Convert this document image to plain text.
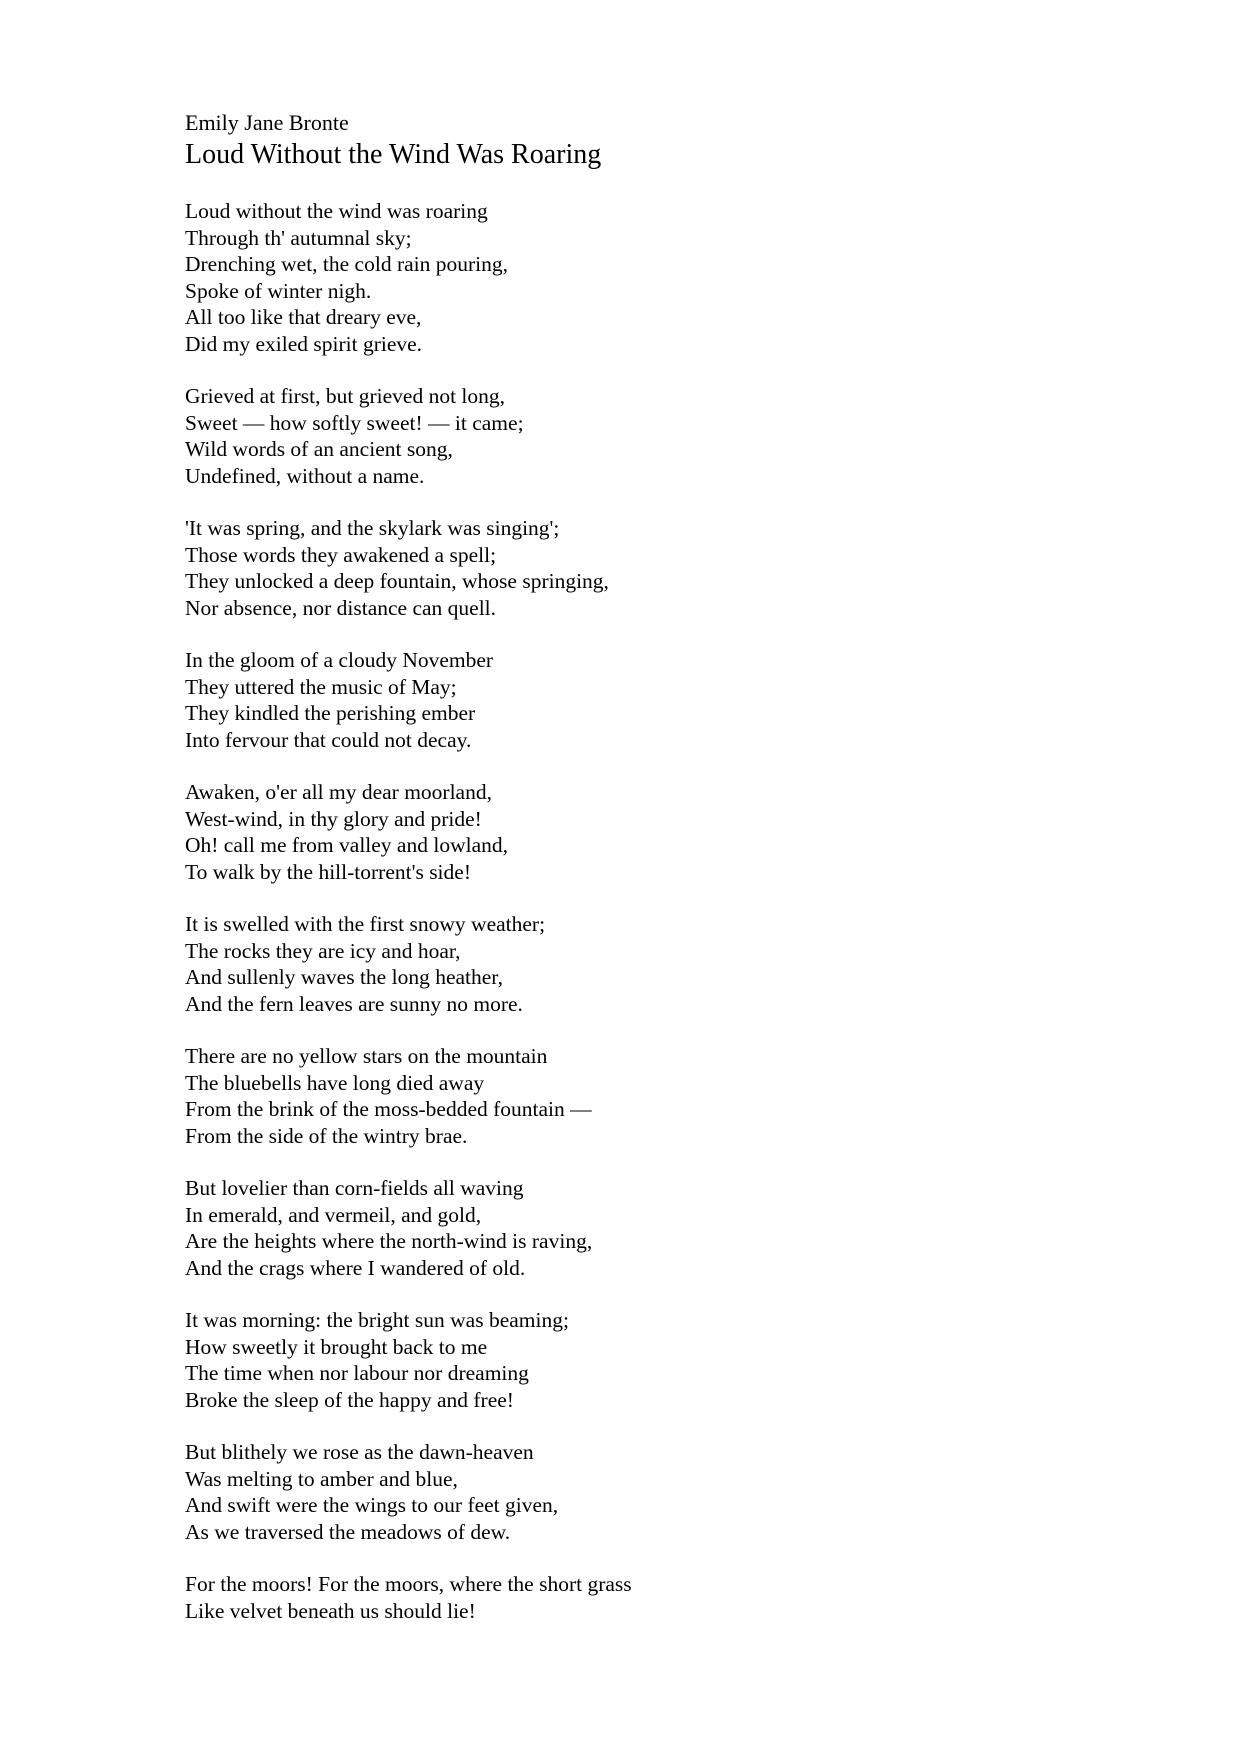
Emily Jane Bronte

Loud Without the Wind Was Roaring
Loud without the wind was roaring
Through th' autumnal sky;
Drenching wet, the cold rain pouring,
Spoke of winter nigh.
All too like that dreary eve,
Did my exiled spirit grieve.
Grieved at first, but grieved not long,
Sweet — how softly sweet! — it came;
Wild words of an ancient song,
Undefined, without a name.
'It was spring, and the skylark was singing';
Those words they awakened a spell;
They unlocked a deep fountain, whose springing,
Nor absence, nor distance can quell.
In the gloom of a cloudy November
They uttered the music of May;
They kindled the perishing ember
Into fervour that could not decay.
Awaken, o'er all my dear moorland,
West-wind, in thy glory and pride!
Oh! call me from valley and lowland,
To walk by the hill-torrent's side!
It is swelled with the first snowy weather;
The rocks they are icy and hoar,
And sullenly waves the long heather,
And the fern leaves are sunny no more.
There are no yellow stars on the mountain
The bluebells have long died away
From the brink of the moss-bedded fountain —
From the side of the wintry brae.
But lovelier than corn-fields all waving
In emerald, and vermeil, and gold,
Are the heights where the north-wind is raving,
And the crags where I wandered of old.
It was morning: the bright sun was beaming;
How sweetly it brought back to me
The time when nor labour nor dreaming
Broke the sleep of the happy and free!
But blithely we rose as the dawn-heaven
Was melting to amber and blue,
And swift were the wings to our feet given,
As we traversed the meadows of dew.
For the moors! For the moors, where the short grass
Like velvet beneath us should lie!
